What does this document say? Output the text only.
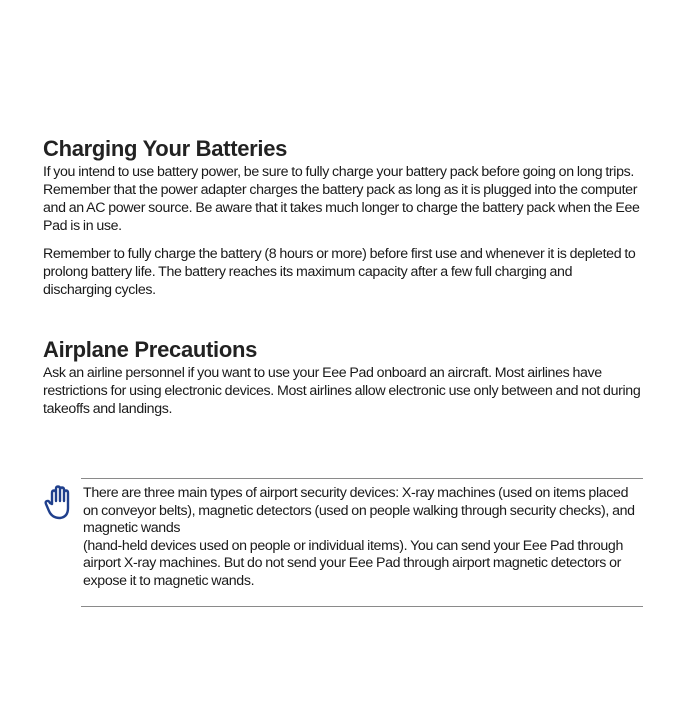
Charging Your Batteries

If you intend to use battery power, be sure to fully charge your battery pack before going on long trips. Remember that the power adapter charges the battery pack as long as it is plugged into the computer and an AC power source. Be aware that it takes much longer to charge the battery pack when the Eee Pad is in use.

Remember to fully charge the battery (8 hours or more) before first use and whenever it is depleted to prolong battery life. The battery reaches its maximum capacity after a few full charging and discharging cycles.

Airplane Precautions

Ask an airline personnel if you want to use your Eee Pad onboard an aircraft. Most airlines have restrictions for using electronic devices. Most airlines allow electronic use only between and not during takeoffs and landings.

There are three main types of airport security devices: X-ray machines (used on items placed on conveyor belts), magnetic detectors (used on people walking through security checks), and magnetic wands
(hand-held devices used on people or individual items). You can send your Eee Pad through airport X-ray machines. But do not send your Eee Pad through airport magnetic detectors or expose it to magnetic wands.
